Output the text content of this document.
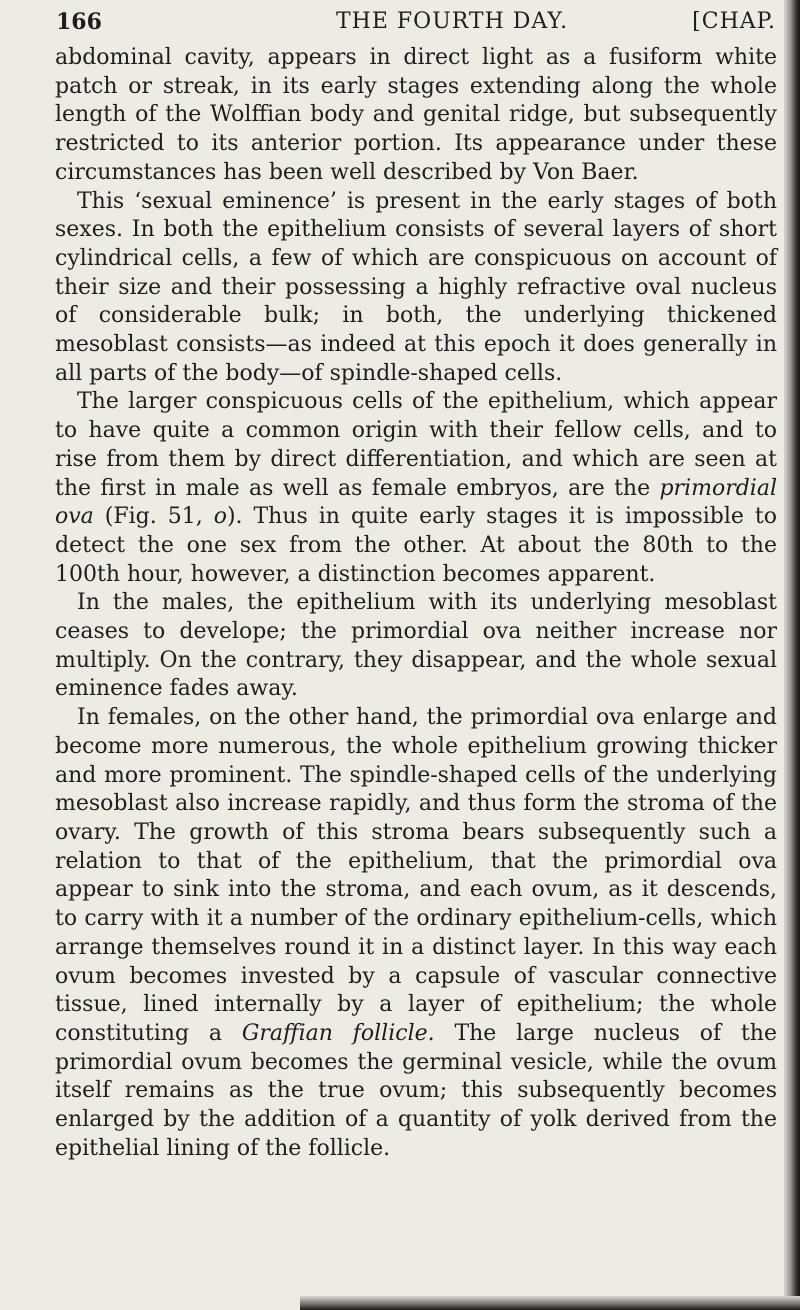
166	THE FOURTH DAY.	[CHAP.

abdominal cavity, appears in direct light as a fusiform white patch or streak, in its early stages extending along the whole length of the Wolffian body and genital ridge, but subsequently restricted to its anterior portion. Its appearance under these circumstances has been well described by Von Baer.

This ‘sexual eminence’ is present in the early stages of both sexes. In both the epithelium consists of several layers of short cylindrical cells, a few of which are conspicuous on account of their size and their possessing a highly refractive oval nucleus of considerable bulk; in both, the underlying thickened mesoblast consists—as indeed at this epoch it does generally in all parts of the body—of spindle-shaped cells.

The larger conspicuous cells of the epithelium, which appear to have quite a common origin with their fellow cells, and to rise from them by direct differentiation, and which are seen at the first in male as well as female embryos, are the primordial ova (Fig. 51, o). Thus in quite early stages it is impossible to detect the one sex from the other. At about the 80th to the 100th hour, however, a distinction becomes apparent.

In the males, the epithelium with its underlying mesoblast ceases to develope; the primordial ova neither increase nor multiply. On the contrary, they disappear, and the whole sexual eminence fades away.

In females, on the other hand, the primordial ova enlarge and become more numerous, the whole epithelium growing thicker and more prominent. The spindle-shaped cells of the underlying mesoblast also increase rapidly, and thus form the stroma of the ovary. The growth of this stroma bears subsequently such a relation to that of the epithelium, that the primordial ova appear to sink into the stroma, and each ovum, as it descends, to carry with it a number of the ordinary epithelium-cells, which arrange themselves round it in a distinct layer. In this way each ovum becomes invested by a capsule of vascular connective tissue, lined internally by a layer of epithelium; the whole constituting a Graffian follicle. The large nucleus of the primordial ovum becomes the germinal vesicle, while the ovum itself remains as the true ovum; this subsequently becomes enlarged by the addition of a quantity of yolk derived from the epithelial lining of the follicle.
